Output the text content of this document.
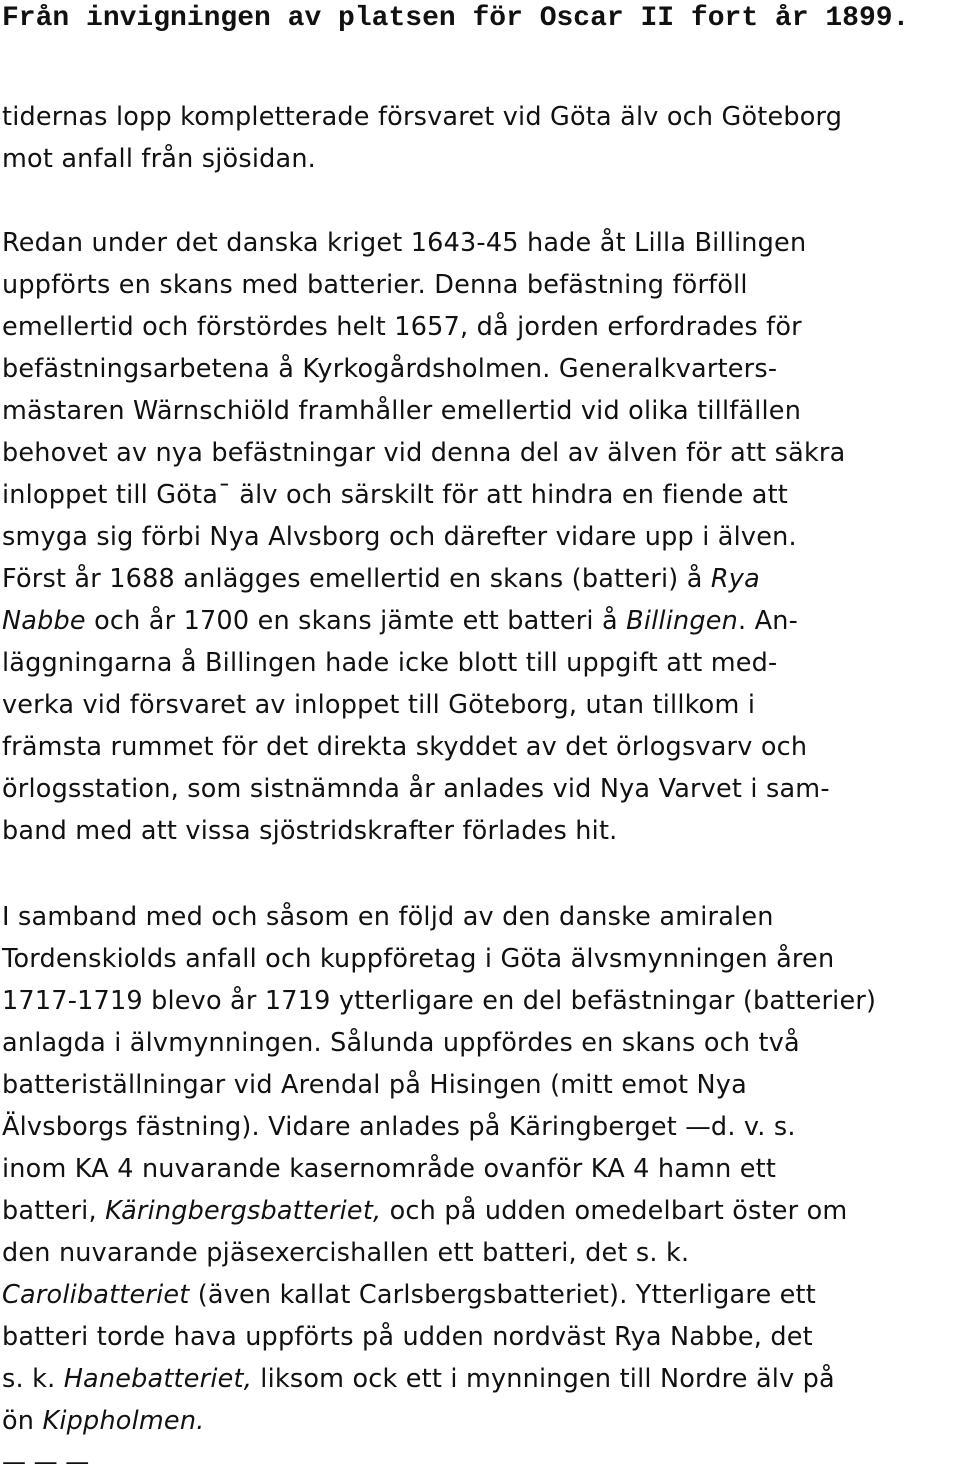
Från invigningen av platsen för Oscar II fort år 1899.

tidernas lopp kompletterade försvaret vid Göta älv och Göteborg
mot anfall från sjösidan.

Redan under det danska kriget 1643-45 hade åt Lilla Billingen
uppförts en skans med batterier. Denna befästning förföll
emellertid och förstördes helt 1657, då jorden erfordrades för
befästningsarbetena å Kyrkogårdsholmen. Generalkvarters-
mästaren Wärnschiöld framhåller emellertid vid olika tillfällen
behovet av nya befästningar vid denna del av älven för att säkra
inloppet till Göta¯ älv och särskilt för att hindra en fiende att
smyga sig förbi Nya Alvsborg och därefter vidare upp i älven.
Först år 1688 anlägges emellertid en skans (batteri) å Rya
Nabbe och år 1700 en skans jämte ett batteri å Billingen. An-
läggningarna å Billingen hade icke blott till uppgift att med-
verka vid försvaret av inloppet till Göteborg, utan tillkom i
främsta rummet för det direkta skyddet av det örlogsvarv och
örlogsstation, som sistnämnda år anlades vid Nya Varvet i sam-
band med att vissa sjöstridskrafter förlades hit.

I samband med och såsom en följd av den danske amiralen
Tordenskiolds anfall och kuppföretag i Göta älvsmynningen åren
1717-1719 blevo år 1719 ytterligare en del befästningar (batterier)
anlagda i älvmynningen. Sålunda uppfördes en skans och två
batteriställningar vid Arendal på Hisingen (mitt emot Nya
Älvsborgs fästning). Vidare anlades på Käringberget —d. v. s.
inom KA 4 nuvarande kasernområde ovanför KA 4 hamn ett
batteri, Käringbergsbatteriet, och på udden omedelbart öster om
den nuvarande pjäsexercishallen ett batteri, det s. k.
Carolibatteriet (även kallat Carlsbergsbatteriet). Ytterligare ett
batteri torde hava uppförts på udden nordväst Rya Nabbe, det
s. k. Hanebatteriet, liksom ock ett i mynningen till Nordre älv på
ön Kippholmen.

— — —
